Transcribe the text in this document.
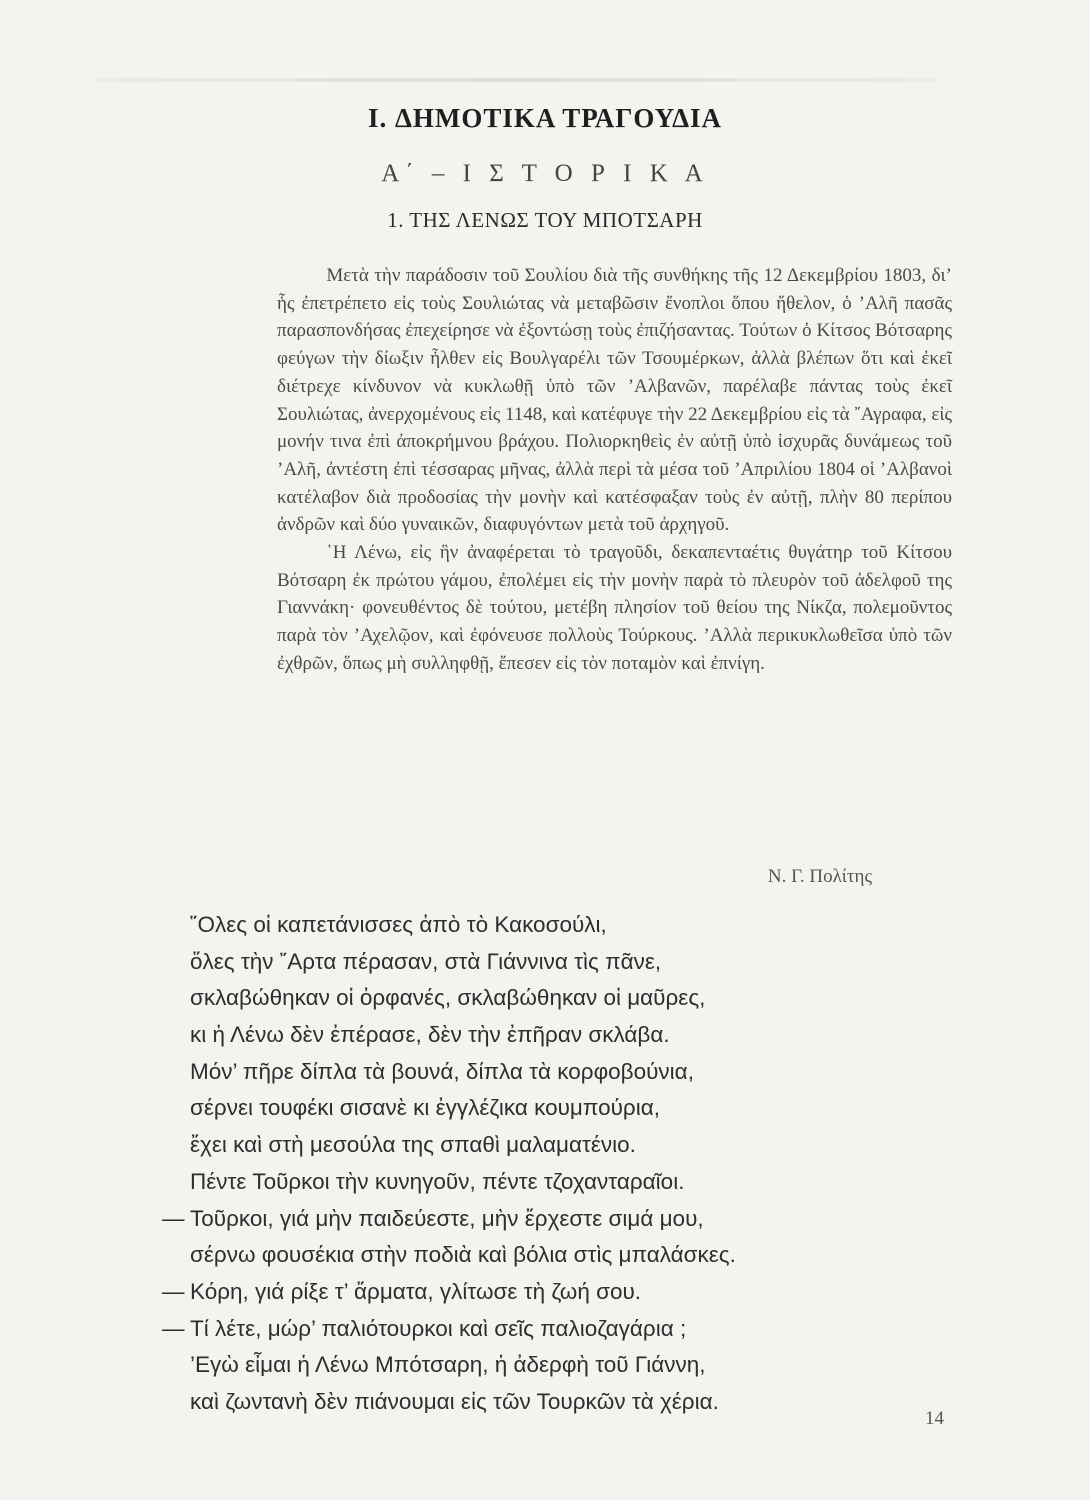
I. ΔΗΜΟΤΙΚΑ ΤΡΑΓΟΥΔΙΑ
Α΄ – Ι Σ Τ Ο Ρ Ι Κ Α
1. ΤΗΣ ΛΕΝΩΣ ΤΟΥ ΜΠΟΤΣΑΡΗ

Μετὰ τὴν παράδοσιν τοῦ Σουλίου διὰ τῆς συνθήκης τῆς 12 Δεκεμβρίου 1803, δι’ ἧς ἐπετρέπετο εἰς τοὺς Σουλιώτας νὰ μεταβῶσιν ἔνοπλοι ὅπου ἤθελον, ὁ ’Αλῆ πασᾶς παρασπονδήσας ἐπεχείρησε νὰ ἐξοντώσῃ τοὺς ἐπιζήσαντας. Τούτων ὁ Κίτσος Βότσαρης φεύγων τὴν δίωξιν ἦλθεν εἰς Βουλγαρέλι τῶν Τσουμέρκων, ἀλλὰ βλέπων ὅτι καὶ ἐκεῖ διέτρεχε κίνδυνον νὰ κυκλωθῇ ὑπὸ τῶν ’Αλβανῶν, παρέλαβε πάντας τοὺς ἐκεῖ Σουλιώτας, ἀνερχομένους εἰς 1148, καὶ κατέφυγε τὴν 22 Δεκεμβρίου εἰς τὰ ῎Αγραφα, εἰς μονήν τινα ἐπὶ ἀποκρήμνου βράχου. Πολιορκηθεὶς ἐν αὐτῇ ὑπὸ ἰσχυρᾶς δυνάμεως τοῦ ’Αλῆ, ἀντέστη ἐπὶ τέσσαρας μῆνας, ἀλλὰ περὶ τὰ μέσα τοῦ ’Απριλίου 1804 οἱ ’Αλβανοὶ κατέλαβον διὰ προδοσίας τὴν μονὴν καὶ κατέσφαξαν τοὺς ἐν αὐτῇ, πλὴν 80 περίπου ἀνδρῶν καὶ δύο γυναικῶν, διαφυγόντων μετὰ τοῦ ἀρχηγοῦ.

῾Η Λένω, εἰς ἣν ἀναφέρεται τὸ τραγοῦδι, δεκαπενταέτις θυγάτηρ τοῦ Κίτσου Βότσαρη ἐκ πρώτου γάμου, ἐπολέμει εἰς τὴν μονὴν παρὰ τὸ πλευρὸν τοῦ ἀδελφοῦ της Γιαννάκη· φονευθέντος δὲ τούτου, μετέβη πλησίον τοῦ θείου της Νίκζα, πολεμοῦντος παρὰ τὸν ’Αχελῷον, καὶ ἐφόνευσε πολλοὺς Τούρκους. ’Αλλὰ περικυκλωθεῖσα ὑπὸ τῶν ἐχθρῶν, ὅπως μὴ συλληφθῇ, ἔπεσεν εἰς τὸν ποταμὸν καὶ ἐπνίγη.

Ν. Γ. Πολίτης
῞Ολες οἱ καπετάνισσες ἀπὸ τὸ Κακοσούλι,
ὅλες τὴν ῎Αρτα πέρασαν, στὰ Γιάννινα τὶς πᾶνε,
σκλαβώθηκαν οἱ ὀρφανές, σκλαβώθηκαν οἱ μαῦρες,
κι ἡ Λένω δὲν ἐπέρασε, δὲν τὴν ἐπῆραν σκλάβα.
Μόν’ πῆρε δίπλα τὰ βουνά, δίπλα τὰ κορφοβούνια,
σέρνει τουφέκι σισανὲ κι ἐγγλέζικα κουμπούρια,
ἔχει καὶ στὴ μεσούλα της σπαθὶ μαλαματένιο.
Πέντε Τοῦρκοι τὴν κυνηγοῦν, πέντε τζοχανταραῖοι.
— Τοῦρκοι, γιά μὴν παιδεύεστε, μὴν ἔρχεστε σιμά μου,
σέρνω φουσέκια στὴν ποδιὰ καὶ βόλια στὶς μπαλάσκες.
— Κόρη, γιά ρίξε τ’ ἄρματα, γλίτωσε τὴ ζωή σου.
— Τί λέτε, μώρ’ παλιότουρκοι καὶ σεῖς παλιοζαγάρια ;
’Εγὼ εἶμαι ἡ Λένω Μπότσαρη, ἡ ἀδερφὴ τοῦ Γιάννη,
καὶ ζωντανὴ δὲν πιάνουμαι εἰς τῶν Τουρκῶν τὰ χέρια.
14
